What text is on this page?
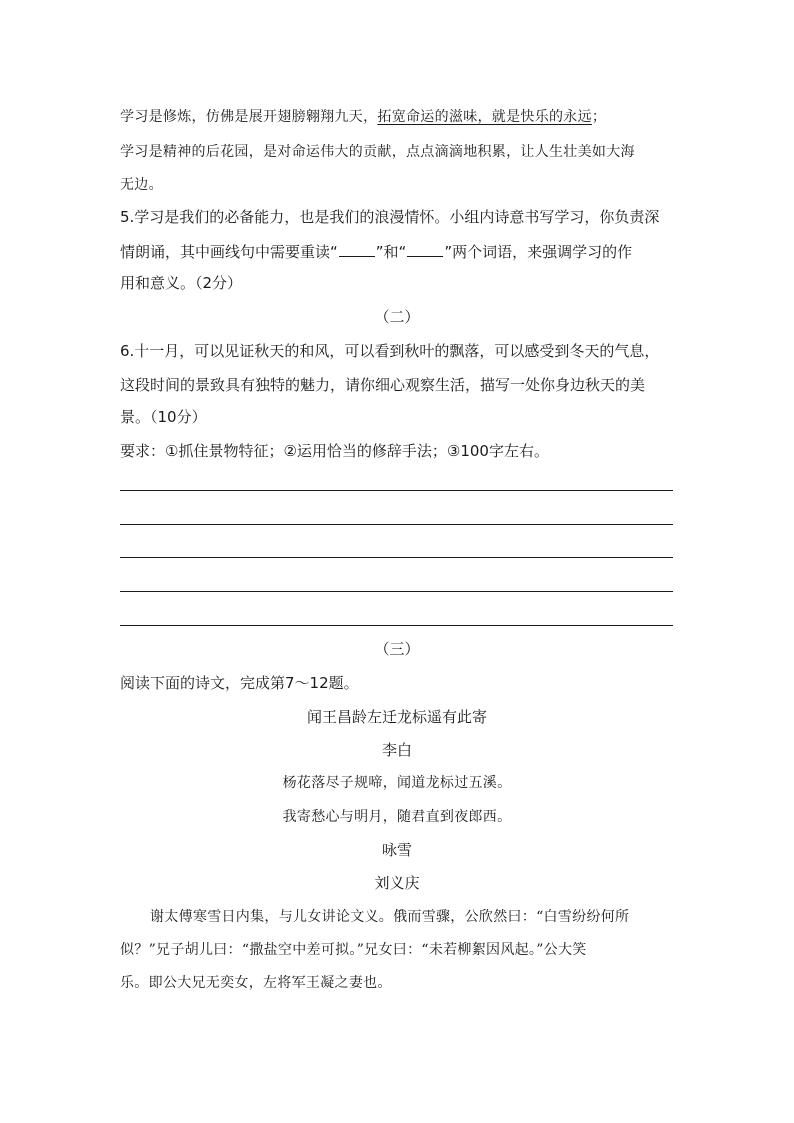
学习是修炼，仿佛是展开翅膀翱翔九天，拓宽命运的滋味，就是快乐的永远；
学习是精神的后花园，是对命运伟大的贡献，点点滴滴地积累，让人生壮美如大海
无边。
5.学习是我们的必备能力，也是我们的浪漫情怀。小组内诗意书写学习，你负责深
情朗诵，其中画线句中需要重读“	”和“	”两个词语，来强调学习的作
用和意义。（2分）
（二）
6.十一月，可以见证秋天的和风，可以看到秋叶的飘落，可以感受到冬天的气息，
这段时间的景致具有独特的魅力，请你细心观察生活，描写一处你身边秋天的美
景。（10分）
要求：①抓住景物特征；②运用恰当的修辞手法；③100字左右。
（三）
阅读下面的诗文，完成第7～12题。
闻王昌龄左迁龙标遥有此寄
李白
杨花落尽子规啼，闻道龙标过五溪。
我寄愁心与明月，随君直到夜郎西。
咏雪
刘义庆
谢太傅寒雪日内集，与儿女讲论文义。俄而雪骤，公欣然曰：“白雪纷纷何所
似？”兄子胡儿曰：“撒盐空中差可拟。”兄女曰：“未若柳絮因风起。”公大笑
乐。即公大兄无奕女，左将军王凝之妻也。
